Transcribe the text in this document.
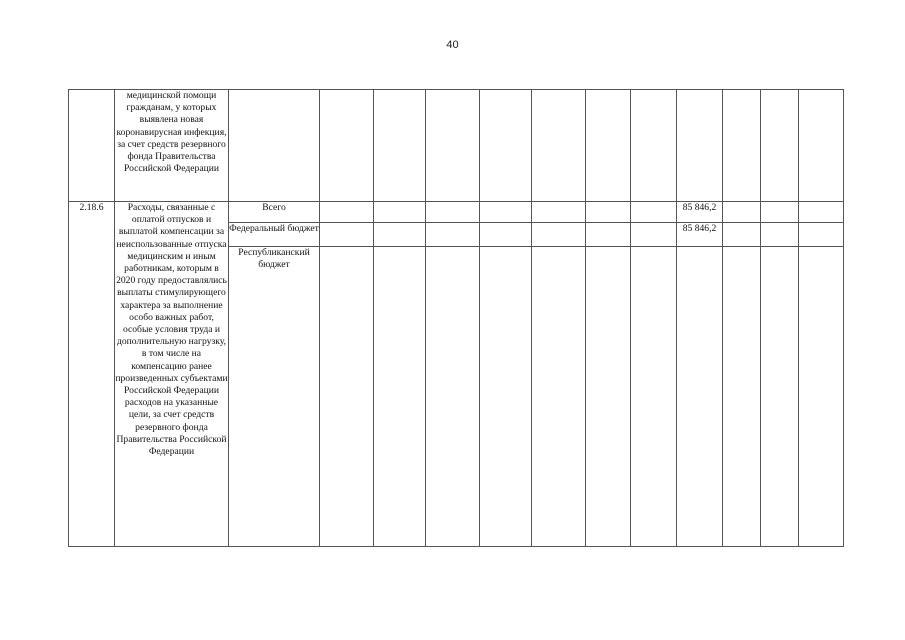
40
	медицинской помощи гражданам, у которых выявлена новая коронавирусная инфекция, за счет средств резервного фонда Правительства Российской Федерации												
2.18.6	Расходы, связанные с оплатой отпусков и выплатой компенсации за неиспользованные отпуска медицинским и иным работникам, которым в 2020 году предоставлялись выплаты стимулирующего характера за выполнение особо важных работ, особые условия труда и дополнительную нагрузку, в том числе на компенсацию ранее произведенных субъектами Российской Федерации расходов на указанные цели, за счет средств резервного фонда Правительства Российской Федерации	Всего								85 846,2			
		Федеральный бюджет								85 846,2			
		Республиканский бюджет											
